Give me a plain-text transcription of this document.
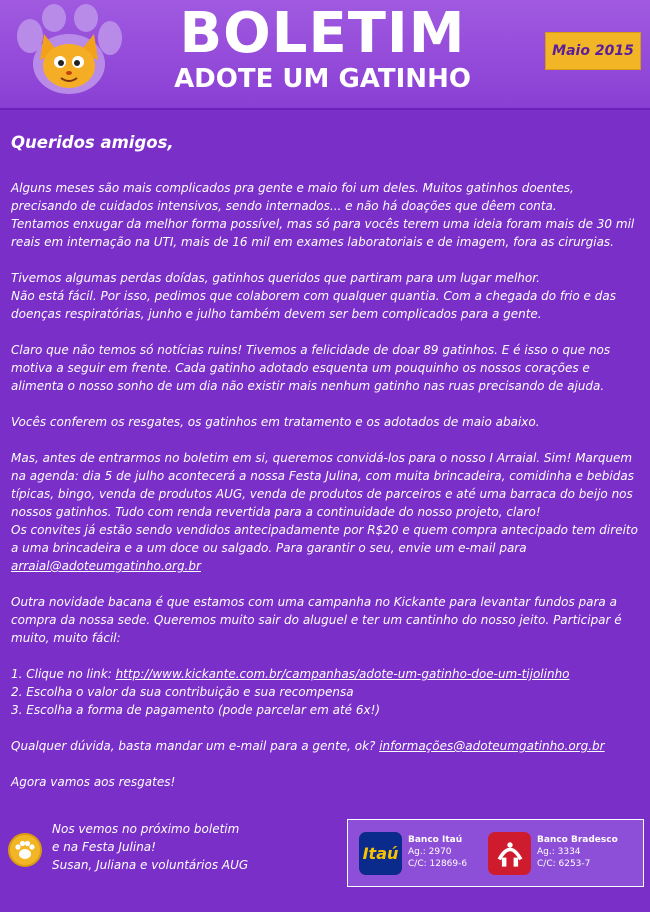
BOLETIM
ADOTE UM GATINHO
Maio 2015
Queridos amigos,

Alguns meses são mais complicados pra gente e maio foi um deles. Muitos gatinhos doentes, precisando de cuidados intensivos, sendo internados... e não há doações que dêem conta.

Tentamos enxugar da melhor forma possível, mas só para vocês terem uma ideia foram mais de 30 mil reais em internação na UTI, mais de 16 mil em exames laboratoriais e de imagem, fora as cirurgias.

Tivemos algumas perdas doídas, gatinhos queridos que partiram para um lugar melhor.

Não está fácil. Por isso, pedimos que colaborem com qualquer quantia. Com a chegada do frio e das doenças respiratórias, junho e julho também devem ser bem complicados para a gente.

Claro que não temos só notícias ruins! Tivemos a felicidade de doar 89 gatinhos. E é isso o que nos motiva a seguir em frente. Cada gatinho adotado esquenta um pouquinho os nossos corações e alimenta o nosso sonho de um dia não existir mais nenhum gatinho nas ruas precisando de ajuda.

Vocês conferem os resgates, os gatinhos em tratamento e os adotados de maio abaixo.

Mas, antes de entrarmos no boletim em si, queremos convidá-los para o nosso I Arraial. Sim! Marquem na agenda: dia 5 de julho acontecerá a nossa Festa Julina, com muita brincadeira, comidinha e bebidas típicas, bingo, venda de produtos AUG, venda de produtos de parceiros e até uma barraca do beijo nos nossos gatinhos. Tudo com renda revertida para a continuidade do nosso projeto, claro!

Os convites já estão sendo vendidos antecipadamente por R$20 e quem compra antecipado tem direito a uma brincadeira e a um doce ou salgado. Para garantir o seu, envie um e-mail para

arraial@adoteumgatinho.org.br

Outra novidade bacana é que estamos com uma campanha no Kickante para levantar fundos para a compra da nossa sede. Queremos muito sair do aluguel e ter um cantinho do nosso jeito. Participar é muito, muito fácil:

1. Clique no link: http://www.kickante.com.br/campanhas/adote-um-gatinho-doe-um-tijolinho

2. Escolha o valor da sua contribuição e sua recompensa

3. Escolha a forma de pagamento (pode parcelar em até 6x!)

Qualquer dúvida, basta mandar um e-mail para a gente, ok? informações@adoteumgatinho.org.br

Agora vamos aos resgates!

Nos vemos no próximo boletim
e na Festa Julina!
Susan, Juliana e voluntários AUG
Itaú
Banco Itaú
Ag.: 2970
C/C: 12869-6
Banco Bradesco
Ag.: 3334
C/C: 6253-7
